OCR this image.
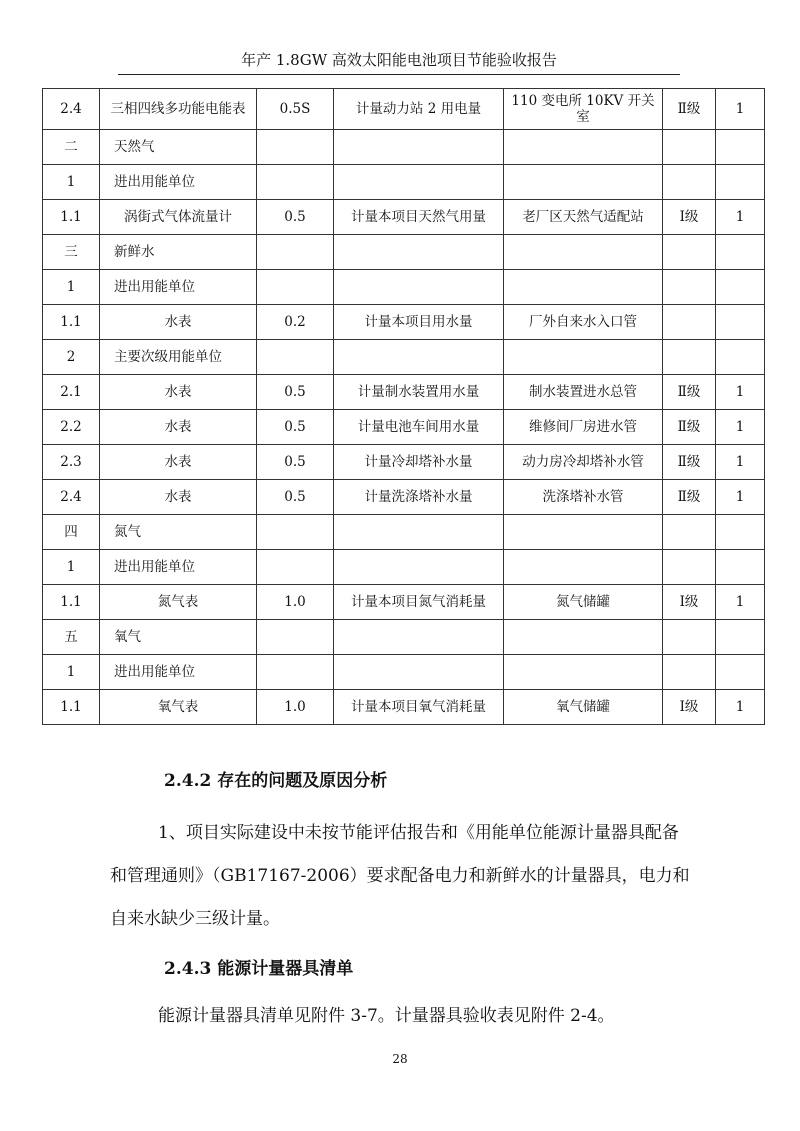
年产 1.8GW 高效太阳能电池项目节能验收报告
2.4	三相四线多功能电能表	0.5S	计量动力站 2 用电量	110 变电所 10KV 开关室	Ⅱ级	1
二	天然气					
1	进出用能单位					
1.1	涡街式气体流量计	0.5	计量本项目天然气用量	老厂区天然气适配站	Ⅰ级	1
三	新鲜水					
1	进出用能单位					
1.1	水表	0.2	计量本项目用水量	厂外自来水入口管		
2	主要次级用能单位					
2.1	水表	0.5	计量制水装置用水量	制水装置进水总管	Ⅱ级	1
2.2	水表	0.5	计量电池车间用水量	维修间厂房进水管	Ⅱ级	1
2.3	水表	0.5	计量冷却塔补水量	动力房冷却塔补水管	Ⅱ级	1
2.4	水表	0.5	计量洗涤塔补水量	洗涤塔补水管	Ⅱ级	1
四	氮气					
1	进出用能单位					
1.1	氮气表	1.0	计量本项目氮气消耗量	氮气储罐	Ⅰ级	1
五	氧气					
1	进出用能单位					
1.1	氧气表	1.0	计量本项目氧气消耗量	氧气储罐	Ⅰ级	1
2.4.2 存在的问题及原因分析
1、项目实际建设中未按节能评估报告和《用能单位能源计量器具配备和管理通则》（GB17167-2006）要求配备电力和新鲜水的计量器具，电力和自来水缺少三级计量。
2.4.3 能源计量器具清单
能源计量器具清单见附件 3-7。计量器具验收表见附件 2-4。
28
